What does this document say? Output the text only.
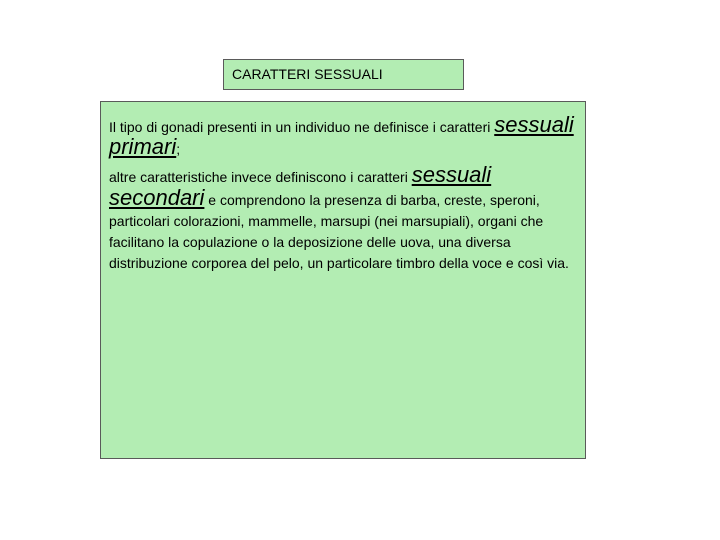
CARATTERI SESSUALI

Il tipo di gonadi presenti in un individuo ne definisce i caratteri sessuali primari;

altre caratteristiche invece definiscono i caratteri sessuali secondari e comprendono la presenza di barba, creste, speroni, particolari colorazioni, mammelle, marsupi (nei marsupiali), organi che facilitano la copulazione o la deposizione delle uova, una diversa distribuzione corporea del pelo, un particolare timbro della voce e così via.
